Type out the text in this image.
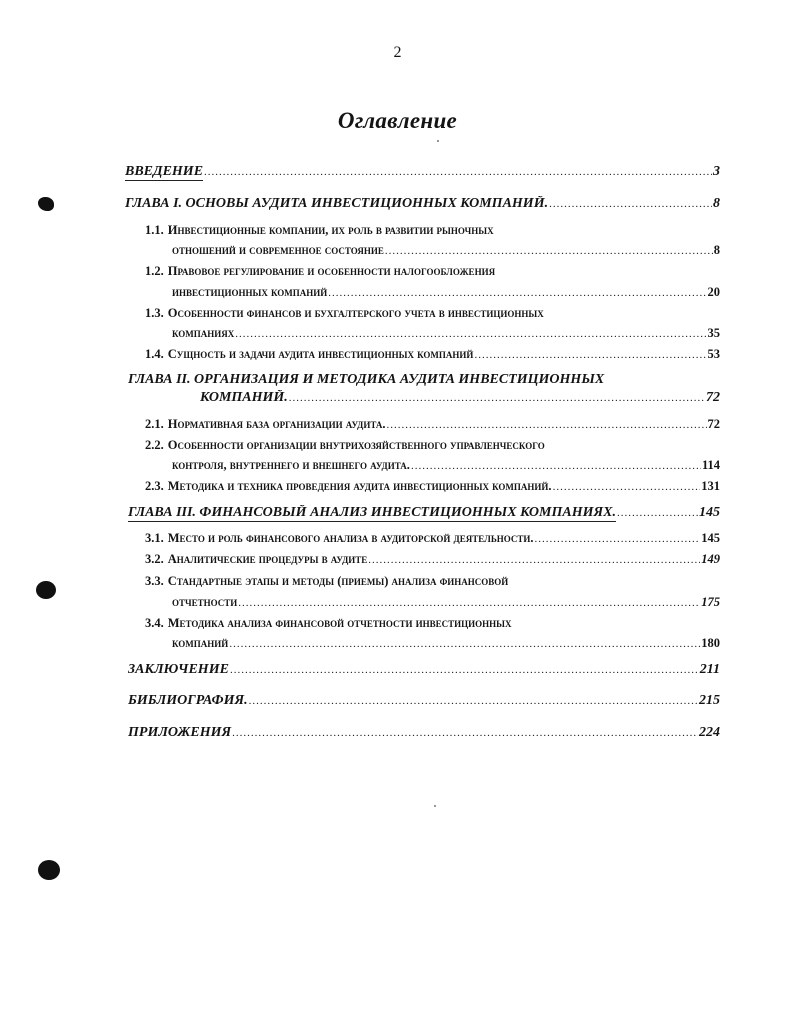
2
Оглавление
ВВЕДЕНИЕ .....	3
ГЛАВА I. ОСНОВЫ АУДИТА ИНВЕСТИЦИОННЫХ КОМПАНИЙ. .....	8
1.1. Инвестиционные компании, их роль в развитии рыночных
отношений и современное состояние .....	8
1.2. Правовое регулирование и особенности налогообложения
инвестиционных компаний .....	20
1.3. Особенности финансов и бухгалтерского учета в инвестиционных
компаниях .....	35
1.4. Сущность и задачи аудита инвестиционных компаний .....	53
ГЛАВА II. ОРГАНИЗАЦИЯ И МЕТОДИКА АУДИТА ИНВЕСТИЦИОННЫХ
КОМПАНИЙ. .....	72
2.1. Нормативная база организации аудита. .....	72
2.2. Особенности организации внутрихозяйственного управленческого
контроля, внутреннего и внешнего аудита. .....	114
2.3. Методика и техника проведения аудита инвестиционных компаний. .....	131
ГЛАВА III. ФИНАНСОВЫЙ АНАЛИЗ ИНВЕСТИЦИОННЫХ КОМПАНИЯХ. .....	145
3.1. Место и роль финансового анализа в аудиторской деятельности. .....	145
3.2. Аналитические процедуры в аудите .....	149
3.3. Стандартные этапы и методы (приемы) анализа финансовой
отчетности .....	175
3.4. Методика анализа финансовой отчетности инвестиционных
компаний .....	180
ЗАКЛЮЧЕНИЕ .....	211
БИБЛИОГРАФИЯ. .....	215
ПРИЛОЖЕНИЯ .....	224
